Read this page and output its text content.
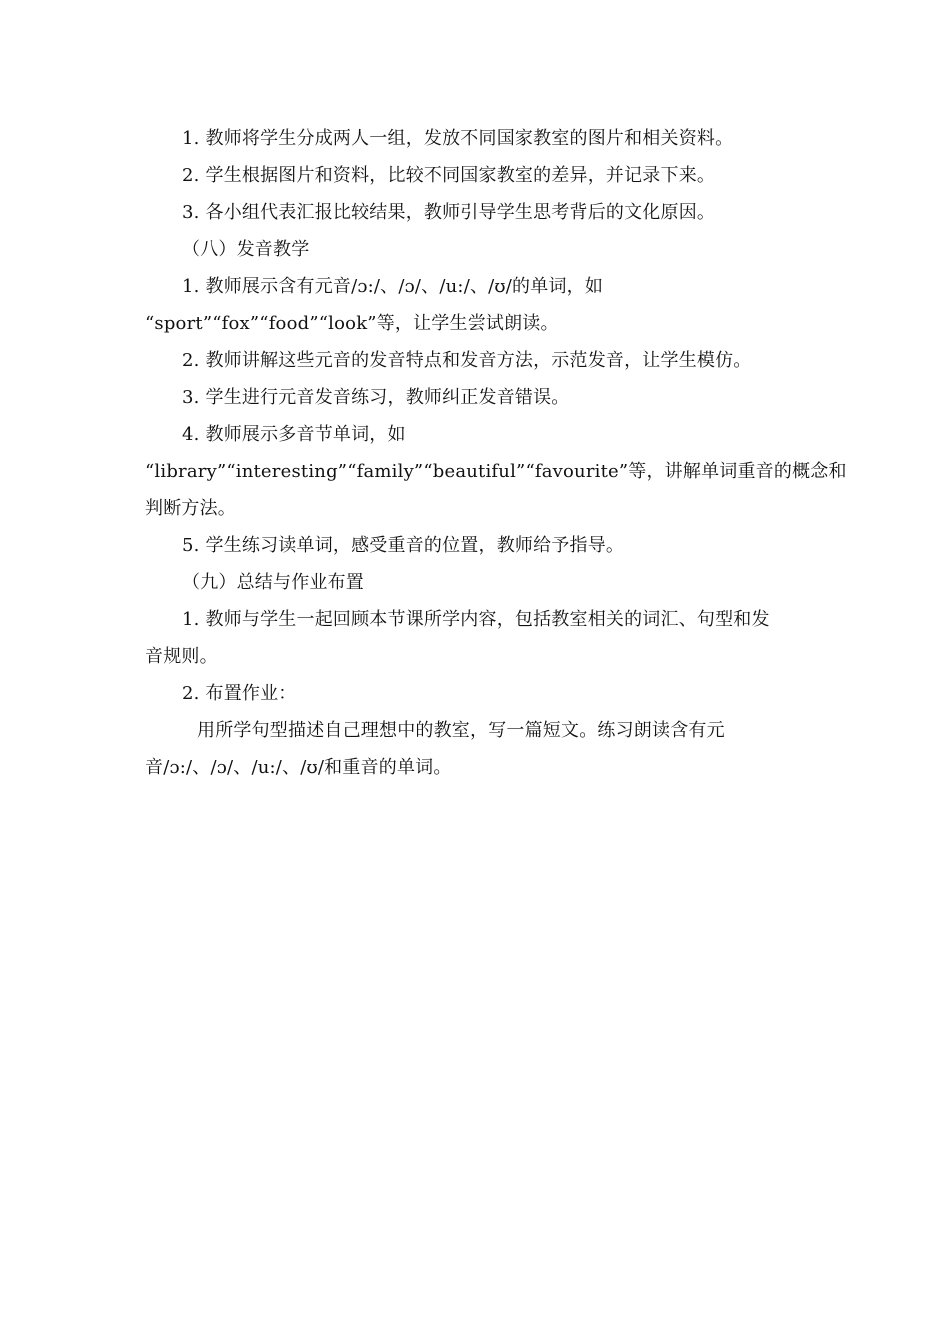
1. 教师将学生分成两人一组，发放不同国家教室的图片和相关资料。
2. 学生根据图片和资料，比较不同国家教室的差异，并记录下来。
3. 各小组代表汇报比较结果，教师引导学生思考背后的文化原因。
（八）发音教学
1. 教师展示含有元音/ɔ:/、/ɔ/、/u:/、/ʊ/的单词，如
“sport”“fox”“food”“look”等，让学生尝试朗读。
2. 教师讲解这些元音的发音特点和发音方法，示范发音，让学生模仿。
3. 学生进行元音发音练习，教师纠正发音错误。
4. 教师展示多音节单词，如
“library”“interesting”“family”“beautiful”“favourite”等，讲解单词重音的概念和
判断方法。
5. 学生练习读单词，感受重音的位置，教师给予指导。
（九）总结与作业布置
1. 教师与学生一起回顾本节课所学内容，包括教室相关的词汇、句型和发
音规则。
2. 布置作业：
用所学句型描述自己理想中的教室，写一篇短文。练习朗读含有元
音/ɔ:/、/ɔ/、/u:/、/ʊ/和重音的单词。
